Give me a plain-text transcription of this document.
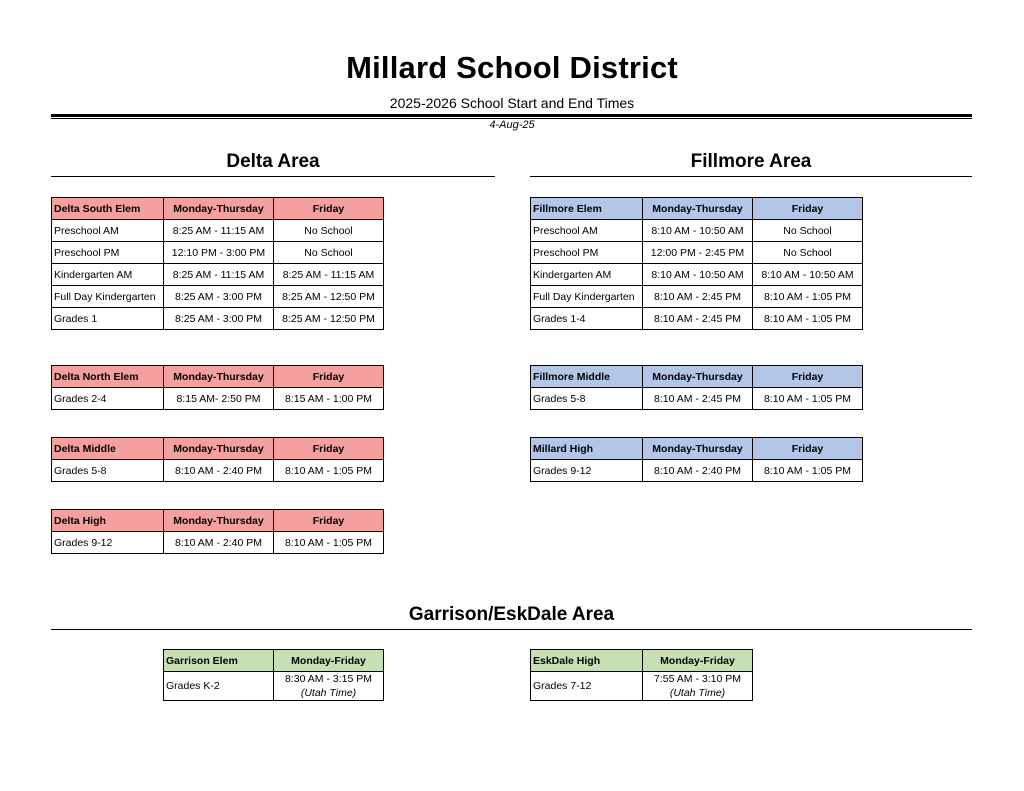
Millard School District
2025-2026 School Start and End Times
4-Aug-25
Delta Area	Fillmore Area
Delta South Elem	Monday-Thursday	Friday
Preschool AM	8:25 AM - 11:15 AM	No School
Preschool PM	12:10 PM - 3:00 PM	No School
Kindergarten AM	8:25 AM - 11:15 AM	8:25 AM - 11:15 AM
Full Day Kindergarten	8:25 AM - 3:00 PM	8:25 AM - 12:50 PM
Grades 1	8:25 AM - 3:00 PM	8:25 AM - 12:50 PM
Delta North Elem	Monday-Thursday	Friday
Grades 2-4	8:15 AM- 2:50 PM	8:15 AM - 1:00 PM
Delta Middle	Monday-Thursday	Friday
Grades 5-8	8:10 AM - 2:40 PM	8:10 AM - 1:05 PM
Delta High	Monday-Thursday	Friday
Grades 9-12	8:10 AM - 2:40 PM	8:10 AM - 1:05 PM
Fillmore Elem	Monday-Thursday	Friday
Preschool AM	8:10 AM - 10:50 AM	No School
Preschool PM	12:00 PM - 2:45 PM	No School
Kindergarten AM	8:10 AM - 10:50 AM	8:10 AM - 10:50 AM
Full Day Kindergarten	8:10 AM - 2:45 PM	8:10 AM - 1:05 PM
Grades 1-4	8:10 AM - 2:45 PM	8:10 AM - 1:05 PM
Fillmore Middle	Monday-Thursday	Friday
Grades 5-8	8:10 AM - 2:45 PM	8:10 AM - 1:05 PM
Millard High	Monday-Thursday	Friday
Grades 9-12	8:10 AM - 2:40 PM	8:10 AM - 1:05 PM
Garrison/EskDale Area
Garrison Elem	Monday-Friday
Grades K-2	8:30 AM - 3:15 PM
(Utah Time)
EskDale High	Monday-Friday
Grades 7-12	7:55 AM - 3:10 PM
(Utah Time)
